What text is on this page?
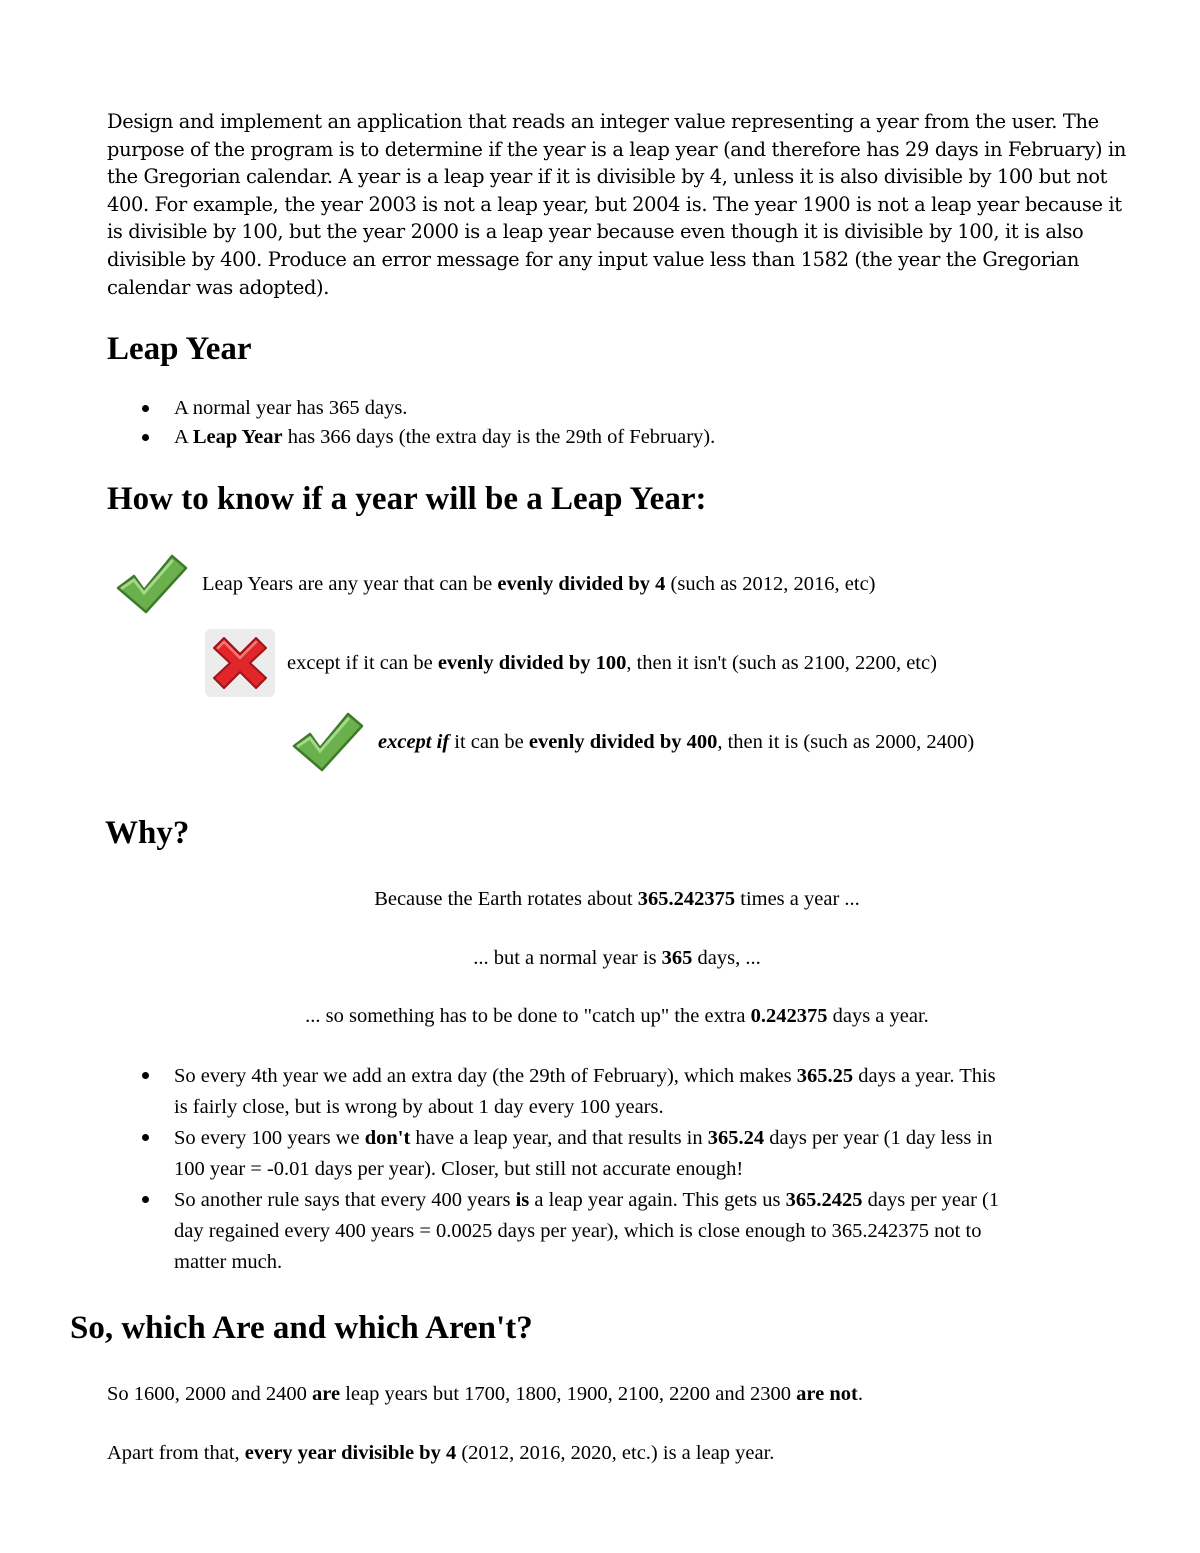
Design and implement an application that reads an integer value representing a year from the user. The purpose of the program is to determine if the year is a leap year (and therefore has 29 days in February) in the Gregorian calendar. A year is a leap year if it is divisible by 4, unless it is also divisible by 100 but not 400. For example, the year 2003 is not a leap year, but 2004 is. The year 1900 is not a leap year because it is divisible by 100, but the year 2000 is a leap year because even though it is divisible by 100, it is also divisible by 400. Produce an error message for any input value less than 1582 (the year the Gregorian calendar was adopted).

Leap Year
A normal year has 365 days.
A Leap Year has 366 days (the extra day is the 29th of February).
How to know if a year will be a Leap Year:
Leap Years are any year that can be evenly divided by 4 (such as 2012, 2016, etc)
except if it can be evenly divided by 100, then it isn't (such as 2100, 2200, etc)
except if it can be evenly divided by 400, then it is (such as 2000, 2400)
Why?
Because the Earth rotates about 365.242375 times a year ...
... but a normal year is 365 days, ...
... so something has to be done to "catch up" the extra 0.242375 days a year.
So every 4th year we add an extra day (the 29th of February), which makes 365.25 days a year. This
is fairly close, but is wrong by about 1 day every 100 years.
So every 100 years we don't have a leap year, and that results in 365.24 days per year (1 day less in
100 year = -0.01 days per year). Closer, but still not accurate enough!
So another rule says that every 400 years is a leap year again. This gets us 365.2425 days per year (1
day regained every 400 years = 0.0025 days per year), which is close enough to 365.242375 not to
matter much.
So, which Are and which Aren't?

So 1600, 2000 and 2400 are leap years but 1700, 1800, 1900, 2100, 2200 and 2300 are not.

Apart from that, every year divisible by 4 (2012, 2016, 2020, etc.) is a leap year.
